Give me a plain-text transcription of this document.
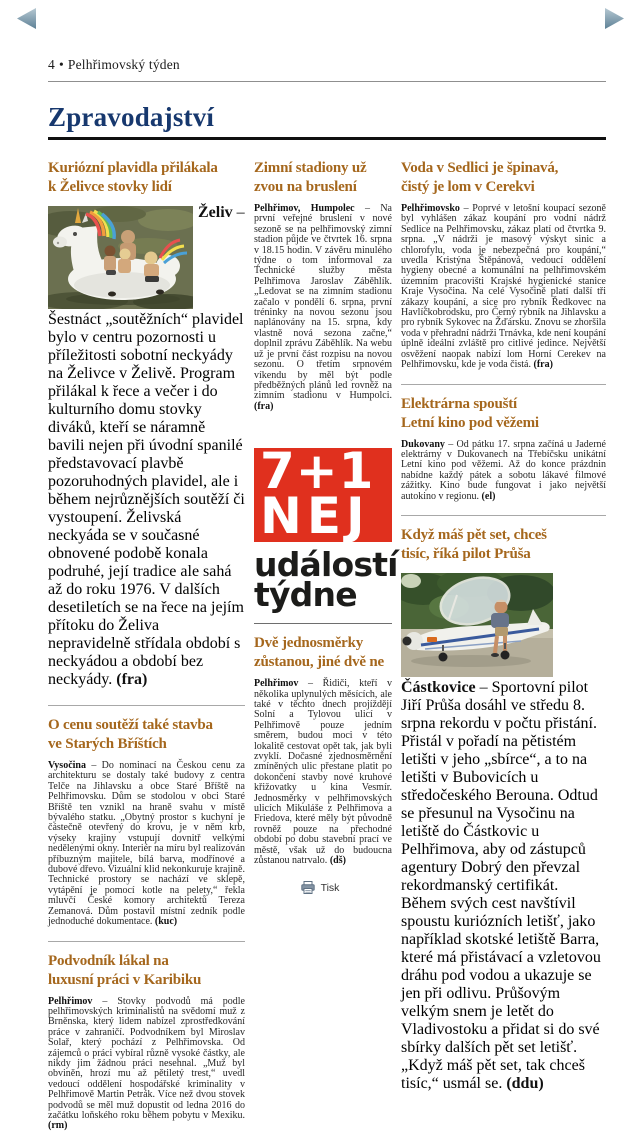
4 • Pelhřimovský týden
Zpravodajství
Kuriózní plavidla přilákala
k Želivce stovky lidí

Želiv – Šestnáct „soutěžních“ plavidel bylo v centru pozornosti u příležitosti sobotní neckyády na Želivce v Želivě. Program přilákal k řece a večer i do kulturního domu stovky diváků, kteří se náramně bavili nejen při úvodní spanilé představovací plavbě pozoruhodných plavidel, ale i během nejrůznějších soutěží či vystoupení. Želivská neckyáda se v současné obnovené podobě konala podruhé, její tradice ale sahá až do roku 1976. V dalších desetiletích se na řece na jejím přítoku do Želiva nepravidelně střídala období s neckyádou a období bez neckyády. (fra)

O cenu soutěží také stavba
ve Starých Bříštích

Vysočina – Do nominací na Českou cenu za architekturu se dostaly také budovy z centra Telče na Jihlavsku a obce Staré Bříště na Pelhřimovsku. Dům se stodolou v obci Staré Bříště ten vznikl na hraně svahu v místě bývalého statku. „Obytný prostor s kuchyní je částečně otevřený do krovu, je v něm krb, výseky krajiny vstupují dovnitř velkými nedělenými okny. Interiér na míru byl realizován příbuzným majitele, bílá barva, modřínové a dubové dřevo. Vizuální klid nekonkuruje krajině. Technické prostory se nachází ve sklepě, vytápění je pomocí kotle na pelety,“ řekla mluvčí České komory architektů Tereza Zemanová. Dům postavil místní zedník podle jednoduché dokumentace. (kuc)

Podvodník lákal na
luxusní práci v Karibiku

Pelhřimov – Stovky podvodů má podle pelhřimovských kriminalistů na svědomí muž z Brněnska, který lidem nabízel zprostředkování práce v zahraničí. Podvodníkem byl Miroslav Solař, který pochází z Pelhřimovska. Od zájemců o práci vybíral různě vysoké částky, ale nikdy jim žádnou práci nesehnal. „Muž byl obviněn, hrozí mu až pětiletý trest,“ uvedl vedoucí oddělení hospodářské kriminality v Pelhřimově Martin Petrák. Více než dvou stovek podvodů se měl muž dopustit od ledna 2016 do začátku loňského roku během pobytu v Mexiku. (rm)

Zimní stadiony už
zvou na bruslení

Pelhřimov, Humpolec – Na první veřejné bruslení v nové sezoně se na pelhřimovský zimní stadion půjde ve čtvrtek 16. srpna v 18.15 hodin. V závěru minulého týdne o tom informoval za Technické služby města Pelhřimova Jaroslav Záběhlík. „Ledovat se na zimním stadionu začalo v pondělí 6. srpna, první tréninky na novou sezonu jsou naplánovány na 15. srpna, kdy vlastně nová sezona začne,“ doplnil zprávu Záběhlík. Na webu už je první část rozpisu na novou sezonu. O třetím srpnovém víkendu by měl být podle předběžných plánů led rovněž na zimním stadionu v Humpolci. (fra)

7+1
NEJ
událostí
týdne
Dvě jednosměrky
zůstanou, jiné dvě ne

Pelhřimov – Řidiči, kteří v několika uplynulých měsících, ale také v těchto dnech projíždějí Solní a Tylovou ulicí v Pelhřimově pouze jedním směrem, budou moci v této lokalitě cestovat opět tak, jak byli zvyklí. Dočasné zjednosměrnění zmíněných ulic přestane platit po dokončení stavby nové kruhové křižovatky u kina Vesmír. Jednosměrky v pelhřimovských ulicích Mikuláše z Pelhřimova a Friedova, které měly být původně rovněž pouze na přechodné období po dobu stavební prací ve městě, však už do budoucna zůstanou natrvalo. (dš)

Voda v Sedlici je špinavá,
čistý je lom v Cerekvi

Pelhřimovsko – Poprvé v letošní koupací sezoně byl vyhlášen zákaz koupání pro vodní nádrž Sedlice na Pelhřimovsku, zákaz platí od čtvrtka 9. srpna. „V nádrži je masový výskyt sinic a chlorofylu, voda je nebezpečná pro koupání,“ uvedla Kristýna Štěpánová, vedoucí oddělení hygieny obecné a komunální na pelhřimovském územním pracovišti Krajské hygienické stanice Kraje Vysočina. Na celé Vysočině platí další tři zákazy koupání, a sice pro rybník Ředkovec na Havlíčkobrodsku, pro Černý rybník na Jihlavsku a pro rybník Sykovec na Žďársku. Znovu se zhoršila voda v přehradní nádrži Trnávka, kde není koupání úplně ideální zvláště pro citlivé jedince. Největší osvěžení naopak nabízí lom Horní Cerekev na Pelhřimovsku, kde je voda čistá. (fra)

Elektrárna spouští
Letní kino pod věžemi

Dukovany – Od pátku 17. srpna začíná u Jaderné elektrárny v Dukovanech na Třebíčsku unikátní Letní kino pod věžemi. Až do konce prázdnin nabídne každý pátek a sobotu lákavé filmové zážitky. Kino bude fungovat i jako největší autokino v regionu. (el)

Když máš pět set, chceš
tisíc, říká pilot Průša

Částkovice – Sportovní pilot Jiří Průša dosáhl ve středu 8. srpna rekordu v počtu přistání. Přistál v pořadí na pětistém letišti v jeho „sbírce“, a to na letišti v Bubovicích u středočeského Berouna. Odtud se přesunul na Vysočinu na letiště do Částkovic u Pelhřimova, aby od zástupců agentury Dobrý den převzal rekordmanský certifikát. Během svých cest navštívil spoustu kuriózních letišť, jako například skotské letiště Barra, které má přistávací a vzletovou dráhu pod vodou a ukazuje se jen při odlivu. Průšovým velkým snem je letět do Vladivostoku a přidat si do své sbírky dalších pět set letišť. „Když máš pět set, tak chceš tisíc,“ usmál se. (ddu)

Tisk
